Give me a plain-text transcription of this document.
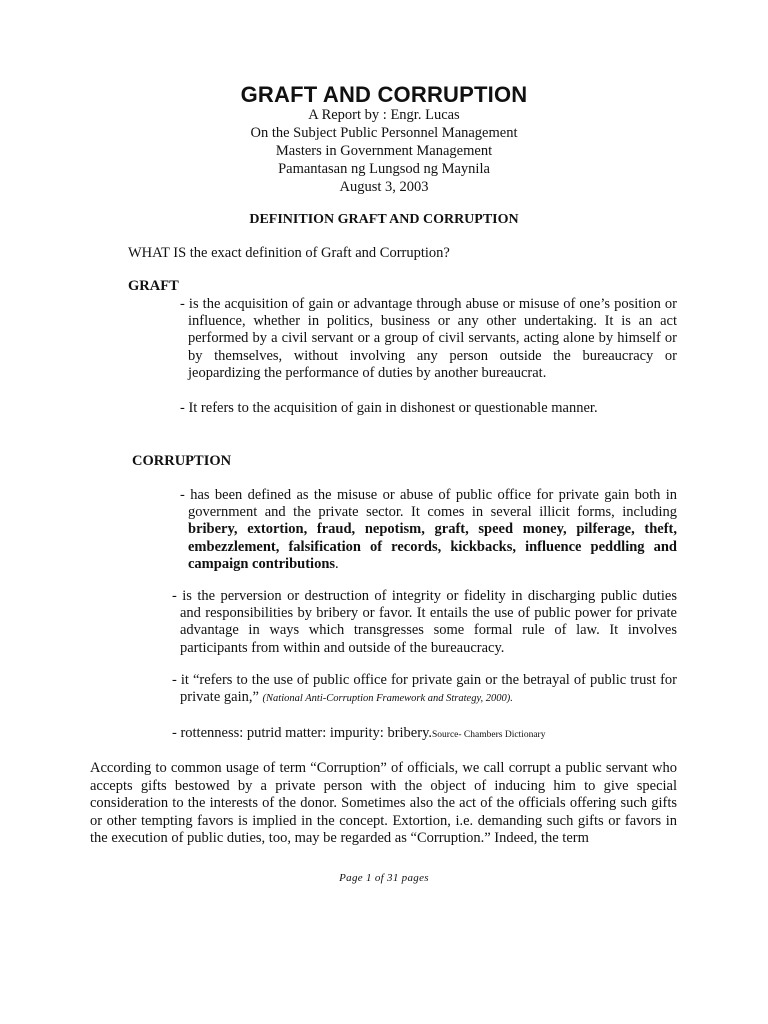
GRAFT AND CORRUPTION
A Report by : Engr. Lucas
On the Subject Public Personnel Management
Masters in Government Management
Pamantasan ng Lungsod ng Maynila
August 3, 2003
DEFINITION GRAFT AND CORRUPTION
WHAT IS the exact definition of Graft and Corruption?
GRAFT

- is the acquisition of gain or advantage through abuse or misuse of one’s position or influence, whether in politics, business or any other undertaking. It is an act performed by a civil servant or a group of civil servants, acting alone by himself or by themselves, without involving any person outside the bureaucracy or jeopardizing the performance of duties by another bureaucrat.

- It refers to the acquisition of gain in dishonest or questionable manner.

CORRUPTION

- has been defined as the misuse or abuse of public office for private gain both in government and the private sector. It comes in several illicit forms, including bribery, extortion, fraud, nepotism, graft, speed money, pilferage, theft, embezzlement, falsification of records, kickbacks, influence peddling and campaign contributions.

- is the perversion or destruction of integrity or fidelity in discharging public duties and responsibilities by bribery or favor. It entails the use of public power for private advantage in ways which transgresses some formal rule of law. It involves participants from within and outside of the bureaucracy.

- it “refers to the use of public office for private gain or the betrayal of public trust for private gain,” (National Anti-Corruption Framework and Strategy, 2000).

- rottenness: putrid matter: impurity: bribery.Source- Chambers Dictionary

According to common usage of term “Corruption” of officials, we call corrupt a public servant who accepts gifts bestowed by a private person with the object of inducing him to give special consideration to the interests of the donor. Sometimes also the act of the officials offering such gifts or other tempting favors is implied in the concept. Extortion, i.e. demanding such gifts or favors in the execution of public duties, too, may be regarded as “Corruption.” Indeed, the term

Page 1 of 31 pages
